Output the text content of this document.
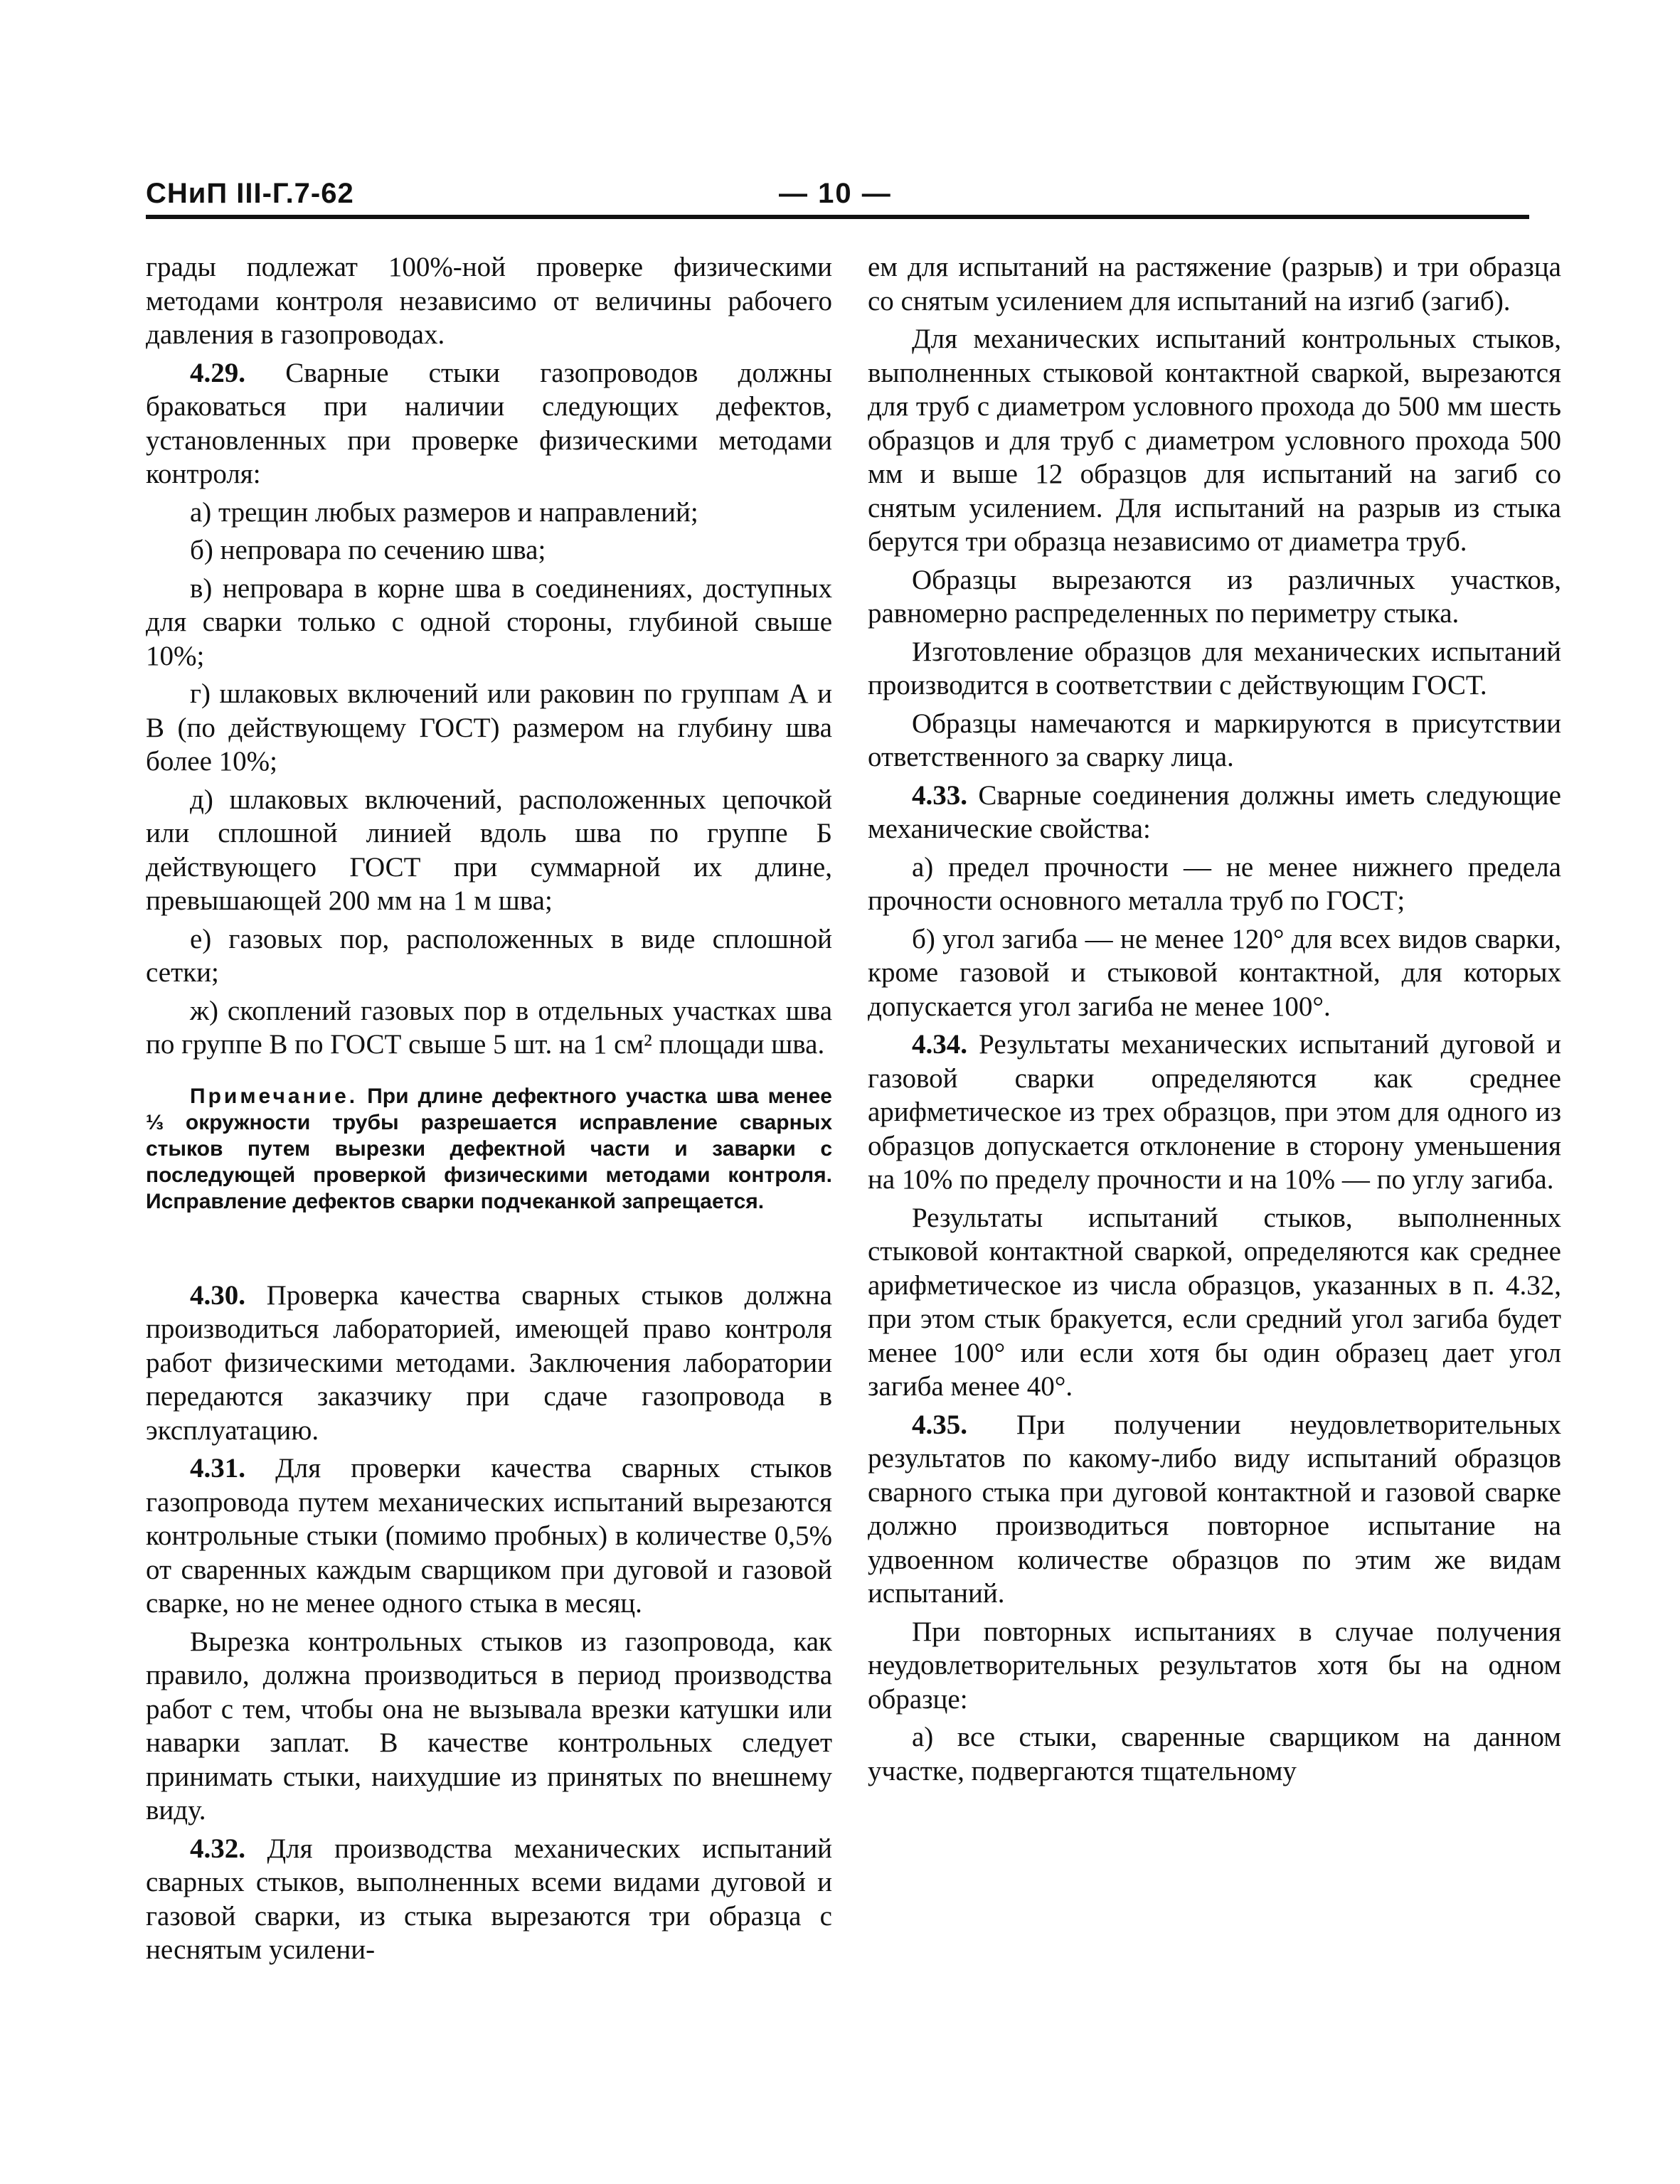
СНиП III-Г.7-62	— 10 —

грады подлежат 100%-ной проверке физическими методами контроля независимо от величины рабочего давления в газопроводах.

4.29. Сварные стыки газопроводов должны браковаться при наличии следующих дефектов, установленных при проверке физическими методами контроля:

а) трещин любых размеров и направлений;

б) непровара по сечению шва;

в) непровара в корне шва в соединениях, доступных для сварки только с одной стороны, глубиной свыше 10%;

г) шлаковых включений или раковин по группам А и В (по действующему ГОСТ) размером на глубину шва более 10%;

д) шлаковых включений, расположенных цепочкой или сплошной линией вдоль шва по группе Б действующего ГОСТ при суммарной их длине, превышающей 200 мм на 1 м шва;

е) газовых пор, расположенных в виде сплошной сетки;

ж) скоплений газовых пор в отдельных участках шва по группе В по ГОСТ свыше 5 шт. на 1 см² площади шва.

Примечание. При длине дефектного участка шва менее ⅓ окружности трубы разрешается исправление сварных стыков путем вырезки дефектной части и заварки с последующей проверкой физическими методами контроля. Исправление дефектов сварки подчеканкой запрещается.

4.30. Проверка качества сварных стыков должна производиться лабораторией, имеющей право контроля работ физическими методами. Заключения лаборатории передаются заказчику при сдаче газопровода в эксплуатацию.

4.31. Для проверки качества сварных стыков газопровода путем механических испытаний вырезаются контрольные стыки (помимо пробных) в количестве 0,5% от сваренных каждым сварщиком при дуговой и газовой сварке, но не менее одного стыка в месяц.

Вырезка контрольных стыков из газопровода, как правило, должна производиться в период производства работ с тем, чтобы она не вызывала врезки катушки или наварки заплат. В качестве контрольных следует принимать стыки, наихудшие из принятых по внешнему виду.

4.32. Для производства механических испытаний сварных стыков, выполненных всеми видами дуговой и газовой сварки, из стыка вырезаются три образца с неснятым усилени-

ем для испытаний на растяжение (разрыв) и три образца со снятым усилением для испытаний на изгиб (загиб).

Для механических испытаний контрольных стыков, выполненных стыковой контактной сваркой, вырезаются для труб с диаметром условного прохода до 500 мм шесть образцов и для труб с диаметром условного прохода 500 мм и выше 12 образцов для испытаний на загиб со снятым усилением. Для испытаний на разрыв из стыка берутся три образца независимо от диаметра труб.

Образцы вырезаются из различных участков, равномерно распределенных по периметру стыка.

Изготовление образцов для механических испытаний производится в соответствии с действующим ГОСТ.

Образцы намечаются и маркируются в присутствии ответственного за сварку лица.

4.33. Сварные соединения должны иметь следующие механические свойства:

а) предел прочности — не менее нижнего предела прочности основного металла труб по ГОСТ;

б) угол загиба — не менее 120° для всех видов сварки, кроме газовой и стыковой контактной, для которых допускается угол загиба не менее 100°.

4.34. Результаты механических испытаний дуговой и газовой сварки определяются как среднее арифметическое из трех образцов, при этом для одного из образцов допускается отклонение в сторону уменьшения на 10% по пределу прочности и на 10% — по углу загиба.

Результаты испытаний стыков, выполненных стыковой контактной сваркой, определяются как среднее арифметическое из числа образцов, указанных в п. 4.32, при этом стык бракуется, если средний угол загиба будет менее 100° или если хотя бы один образец дает угол загиба менее 40°.

4.35. При получении неудовлетворительных результатов по какому-либо виду испытаний образцов сварного стыка при дуговой контактной и газовой сварке должно производиться повторное испытание на удвоенном количестве образцов по этим же видам испытаний.

При повторных испытаниях в случае получения неудовлетворительных результатов хотя бы на одном образце:

а) все стыки, сваренные сварщиком на данном участке, подвергаются тщательному
